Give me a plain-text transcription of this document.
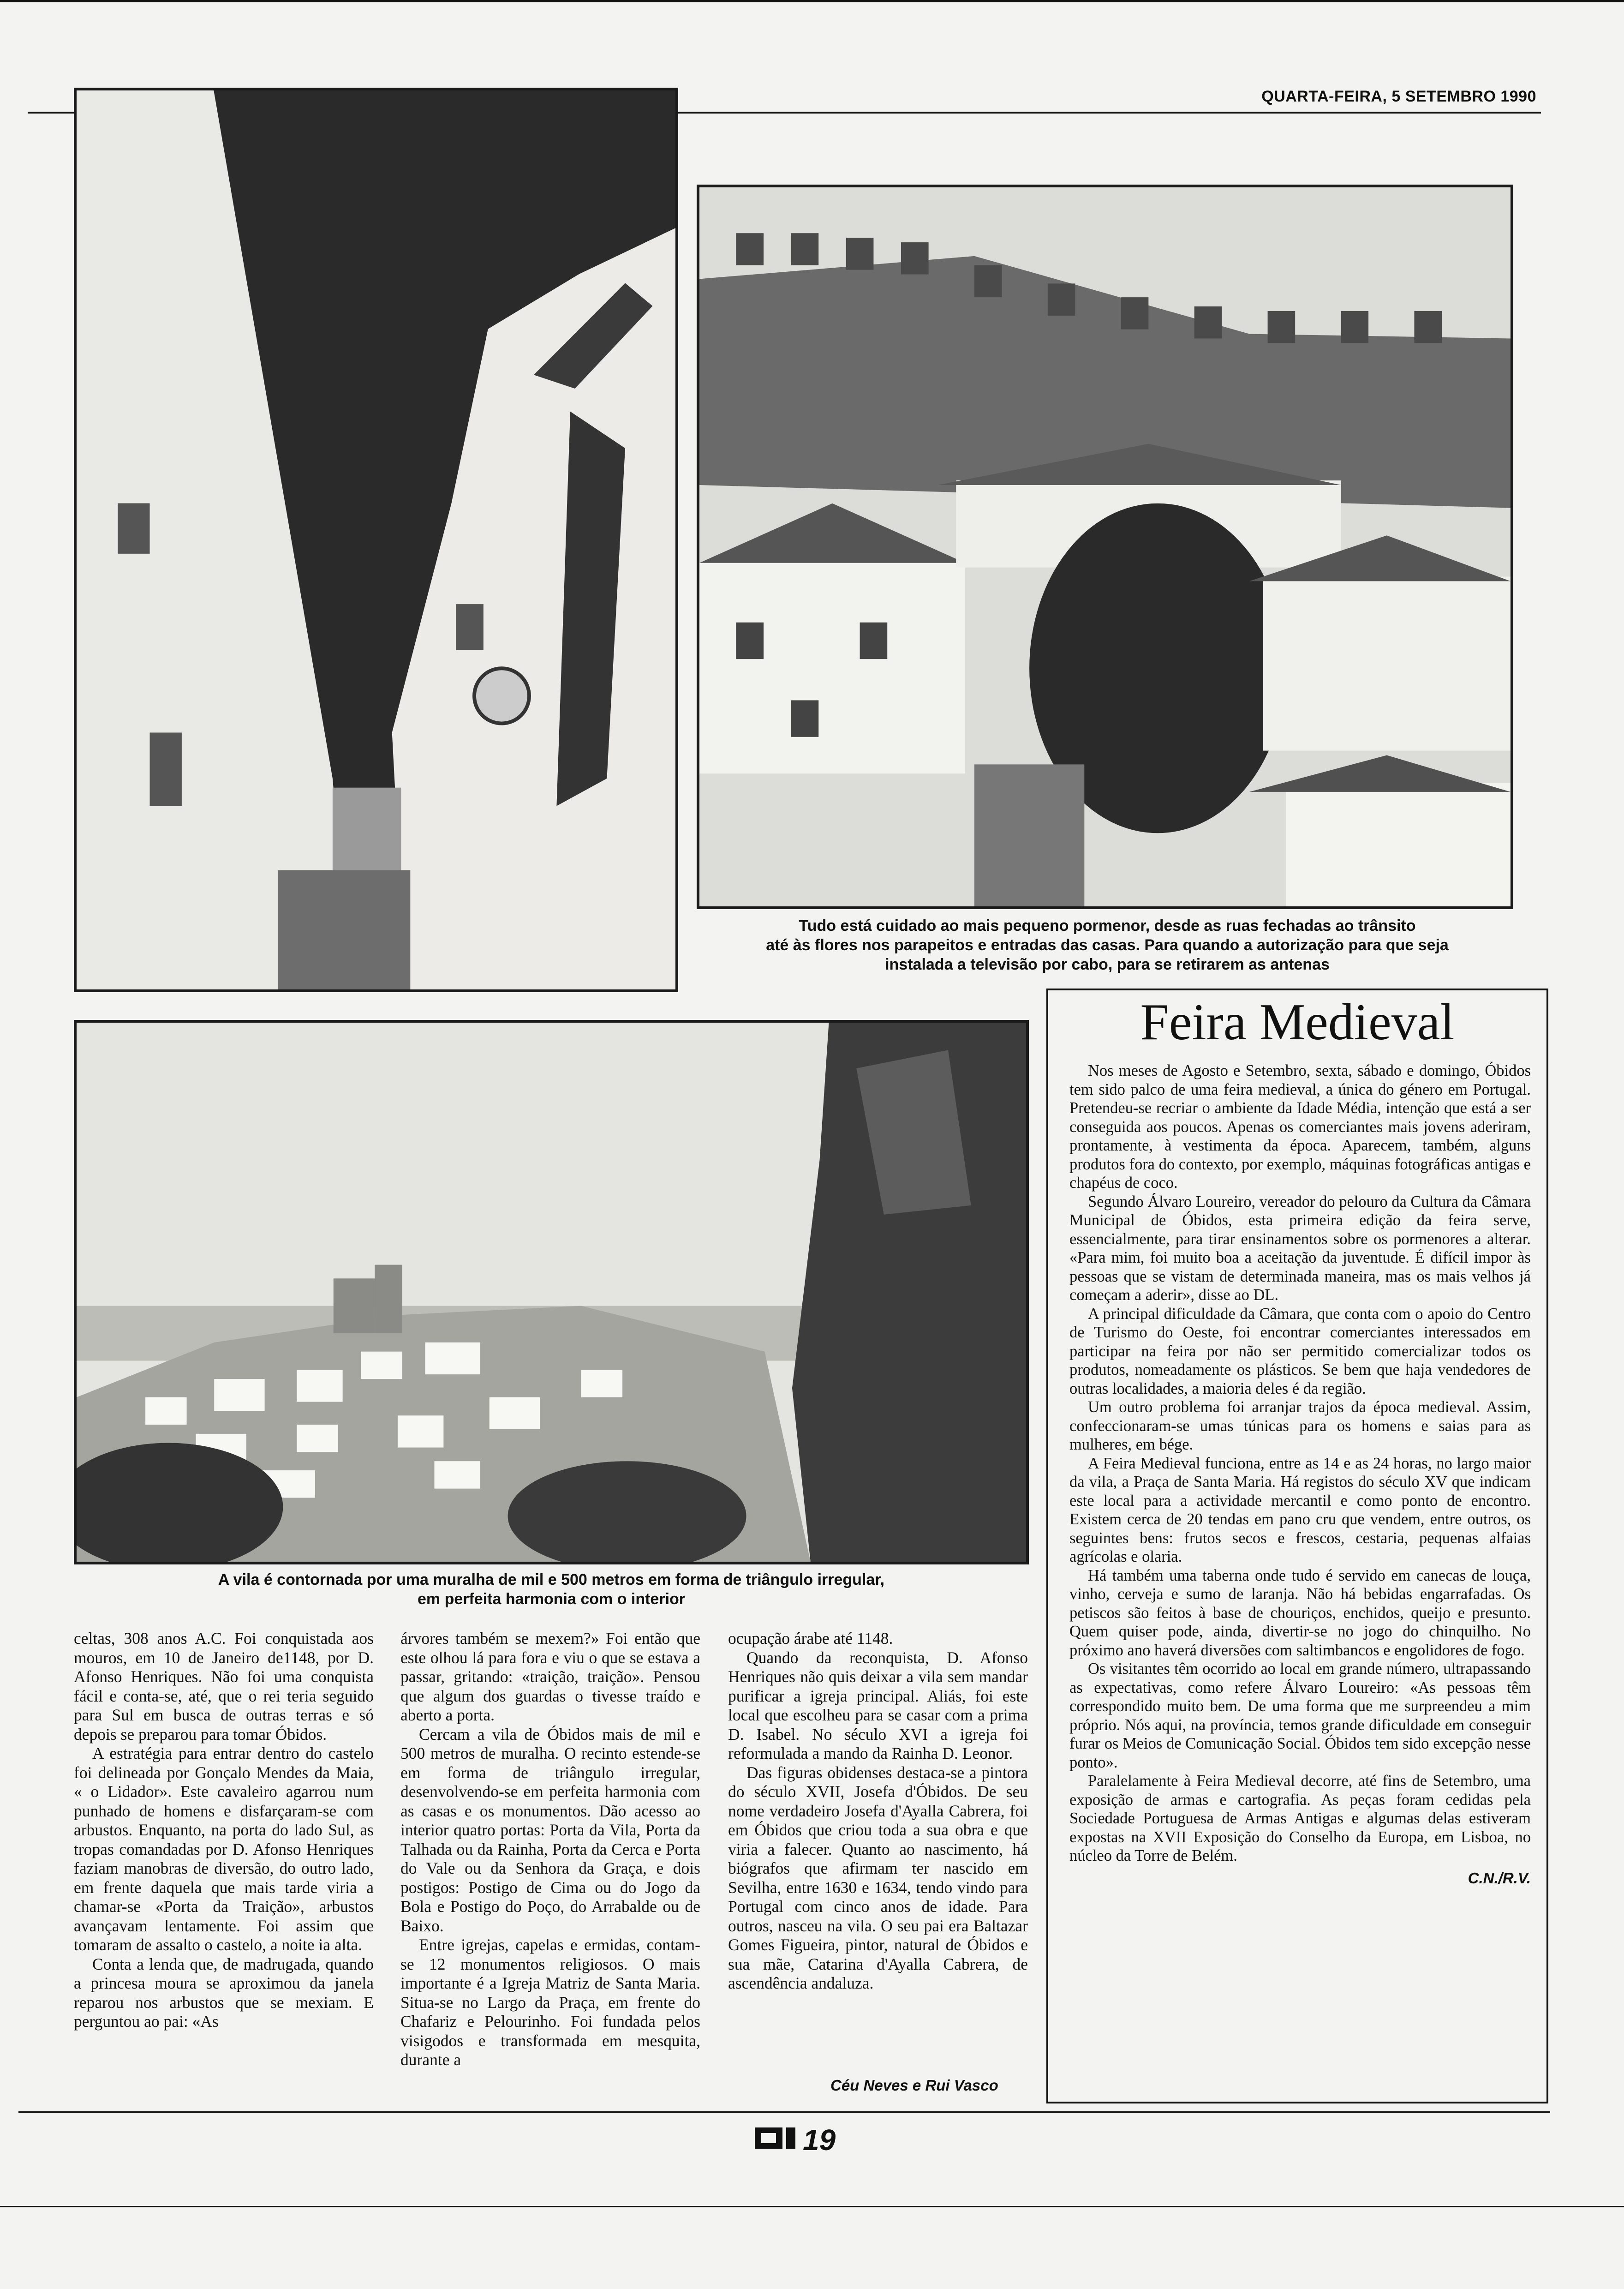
QUARTA-FEIRA, 5 SETEMBRO 1990
Tudo está cuidado ao mais pequeno pormenor, desde as ruas fechadas ao trânsito
até às flores nos parapeitos e entradas das casas. Para quando a autorização para que seja
instalada a televisão por cabo, para se retirarem as antenas
A vila é contornada por uma muralha de mil e 500 metros em forma de triângulo irregular,
em perfeita harmonia com o interior

celtas, 308 anos A.C. Foi conquistada aos mouros, em 10 de Janeiro de1148, por D. Afonso Henriques. Não foi uma conquista fácil e conta-se, até, que o rei teria seguido para Sul em busca de outras terras e só depois se preparou para tomar Óbidos.

A estratégia para entrar dentro do castelo foi delineada por Gonçalo Mendes da Maia, « o Lidador». Este cavaleiro agarrou num punhado de homens e disfarçaram-se com arbustos. Enquanto, na porta do lado Sul, as tropas comandadas por D. Afonso Henriques faziam manobras de diversão, do outro lado, em frente daquela que mais tarde viria a chamar-se «Porta da Traição», arbustos avançavam lentamente. Foi assim que tomaram de assalto o castelo, a noite ia alta.

Conta a lenda que, de madrugada, quando a princesa moura se aproximou da janela reparou nos arbustos que se mexiam. E perguntou ao pai: «As

árvores também se mexem?» Foi então que este olhou lá para fora e viu o que se estava a passar, gritando: «traição, traição». Pensou que algum dos guardas o tivesse traído e aberto a porta.

Cercam a vila de Óbidos mais de mil e 500 metros de muralha. O recinto estende-se em forma de triângulo irregular, desenvolvendo-se em perfeita harmonia com as casas e os monumentos. Dão acesso ao interior quatro portas: Porta da Vila, Porta da Talhada ou da Rainha, Porta da Cerca e Porta do Vale ou da Senhora da Graça, e dois postigos: Postigo de Cima ou do Jogo da Bola e Postigo do Poço, do Arrabalde ou de Baixo.

Entre igrejas, capelas e ermidas, contam-se 12 monumentos religiosos. O mais importante é a Igreja Matriz de Santa Maria. Situa-se no Largo da Praça, em frente do Chafariz e Pelourinho. Foi fundada pelos visigodos e transformada em mesquita, durante a

ocupação árabe até 1148.

Quando da reconquista, D. Afonso Henriques não quis deixar a vila sem mandar purificar a igreja principal. Aliás, foi este local que escolheu para se casar com a prima D. Isabel. No século XVI a igreja foi reformulada a mando da Rainha D. Leonor.

Das figuras obidenses destaca-se a pintora do século XVII, Josefa d'Óbidos. De seu nome verdadeiro Josefa d'Ayalla Cabrera, foi em Óbidos que criou toda a sua obra e que viria a falecer. Quanto ao nascimento, há biógrafos que afirmam ter nascido em Sevilha, entre 1630 e 1634, tendo vindo para Portugal com cinco anos de idade. Para outros, nasceu na vila. O seu pai era Baltazar Gomes Figueira, pintor, natural de Óbidos e sua mãe, Catarina d'Ayalla Cabrera, de ascendência andaluza.

Céu Neves e Rui Vasco
Feira Medieval

Nos meses de Agosto e Setembro, sexta, sábado e domingo, Óbidos tem sido palco de uma feira medieval, a única do género em Portugal. Pretendeu-se recriar o ambiente da Idade Média, intenção que está a ser conseguida aos poucos. Apenas os comerciantes mais jovens aderiram, prontamente, à vestimenta da época. Aparecem, também, alguns produtos fora do contexto, por exemplo, máquinas fotográficas antigas e chapéus de coco.

Segundo Álvaro Loureiro, vereador do pelouro da Cultura da Câmara Municipal de Óbidos, esta primeira edição da feira serve, essencialmente, para tirar ensinamentos sobre os pormenores a alterar. «Para mim, foi muito boa a aceitação da juventude. É difícil impor às pessoas que se vistam de determinada maneira, mas os mais velhos já começam a aderir», disse ao DL.

A principal dificuldade da Câmara, que conta com o apoio do Centro de Turismo do Oeste, foi encontrar comerciantes interessados em participar na feira por não ser permitido comercializar todos os produtos, nomeadamente os plásticos. Se bem que haja vendedores de outras localidades, a maioria deles é da região.

Um outro problema foi arranjar trajos da época medieval. Assim, confeccionaram-se umas túnicas para os homens e saias para as mulheres, em bége.

A Feira Medieval funciona, entre as 14 e as 24 horas, no largo maior da vila, a Praça de Santa Maria. Há registos do século XV que indicam este local para a actividade mercantil e como ponto de encontro. Existem cerca de 20 tendas em pano cru que vendem, entre outros, os seguintes bens: frutos secos e frescos, cestaria, pequenas alfaias agrícolas e olaria.

Há também uma taberna onde tudo é servido em canecas de louça, vinho, cerveja e sumo de laranja. Não há bebidas engarrafadas. Os petiscos são feitos à base de chouriços, enchidos, queijo e presunto. Quem quiser pode, ainda, divertir-se no jogo do chinquilho. No próximo ano haverá diversões com saltimbancos e engolidores de fogo.

Os visitantes têm ocorrido ao local em grande número, ultrapassando as expectativas, como refere Álvaro Loureiro: «As pessoas têm correspondido muito bem. De uma forma que me surpreendeu a mim próprio. Nós aqui, na província, temos grande dificuldade em conseguir furar os Meios de Comunicação Social. Óbidos tem sido excepção nesse ponto».

Paralelamente à Feira Medieval decorre, até fins de Setembro, uma exposição de armas e cartografia. As peças foram cedidas pela Sociedade Portuguesa de Armas Antigas e algumas delas estiveram expostas na XVII Exposição do Conselho da Europa, em Lisboa, no núcleo da Torre de Belém.

C.N./R.V.
19
